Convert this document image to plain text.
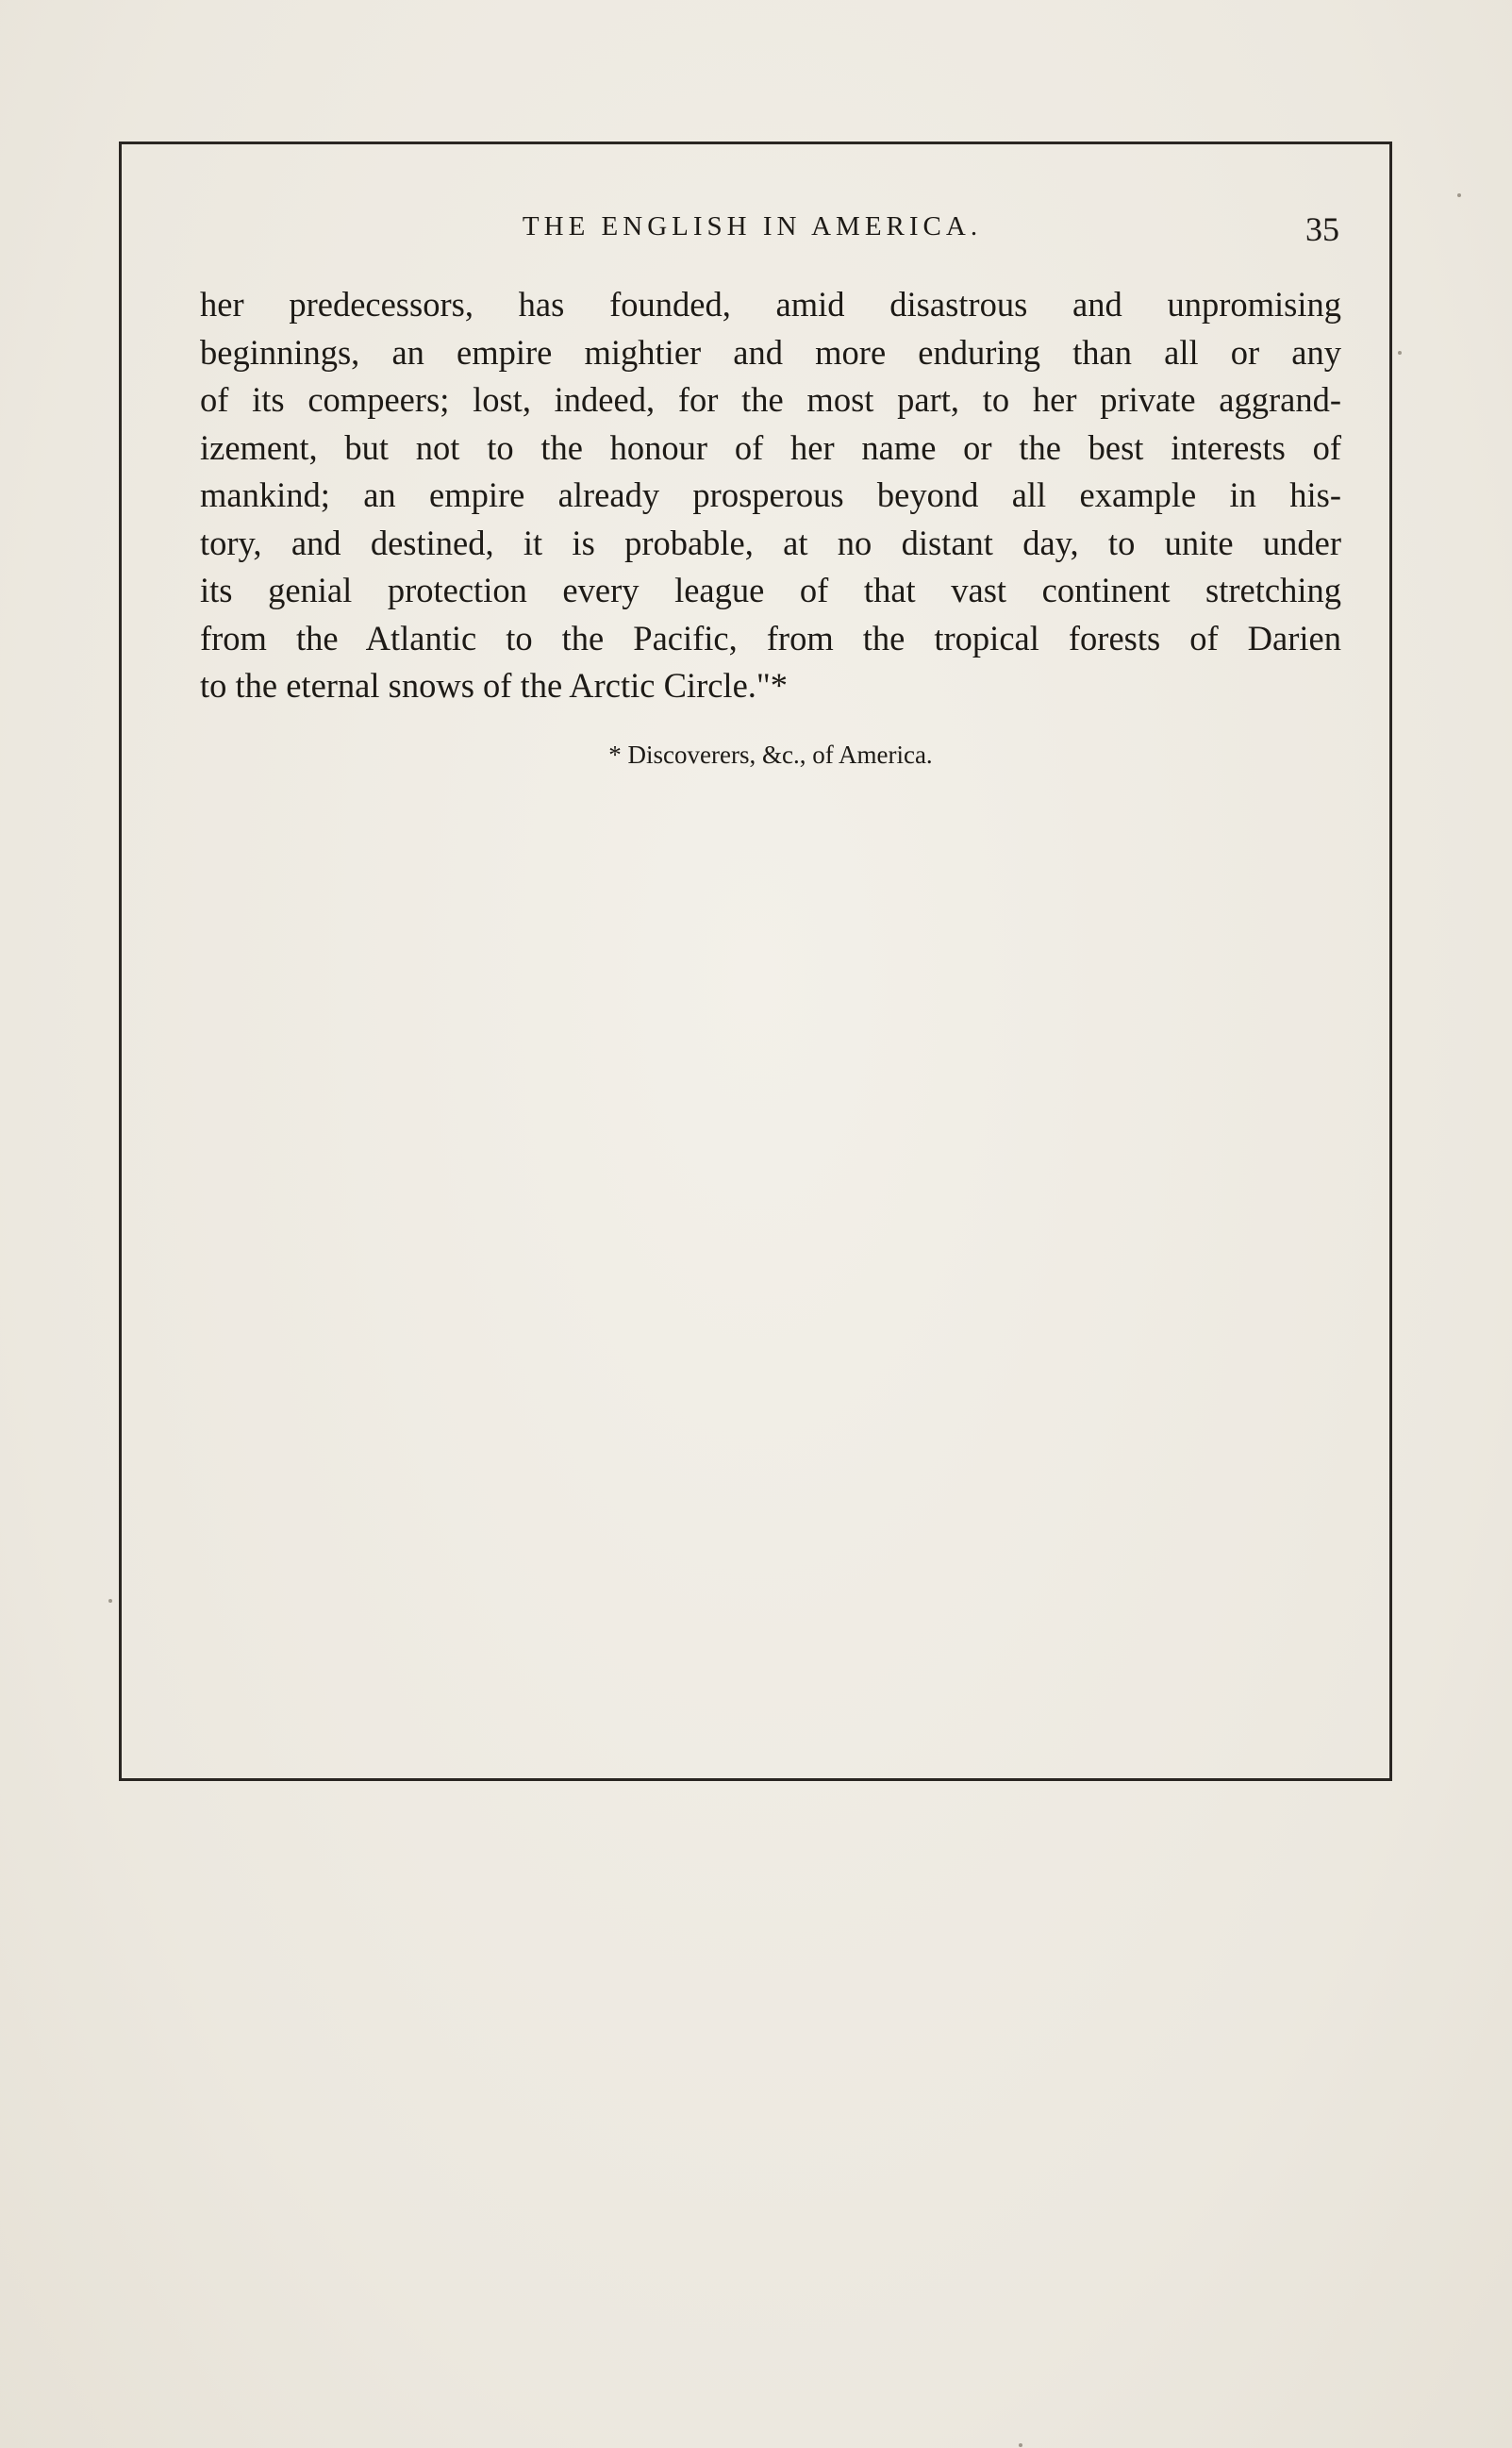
THE ENGLISH IN AMERICA.	35
her predecessors, has founded, amid disastrous and unpromising
beginnings, an empire mightier and more enduring than all or any
of its compeers; lost, indeed, for the most part, to her private aggrand-
izement, but not to the honour of her name or the best interests of
mankind; an empire already prosperous beyond all example in his-
tory, and destined, it is probable, at no distant day, to unite under
its genial protection every league of that vast continent stretching
from the Atlantic to the Pacific, from the tropical forests of Darien
to the eternal snows of the Arctic Circle."*
* Discoverers, &c., of America.
